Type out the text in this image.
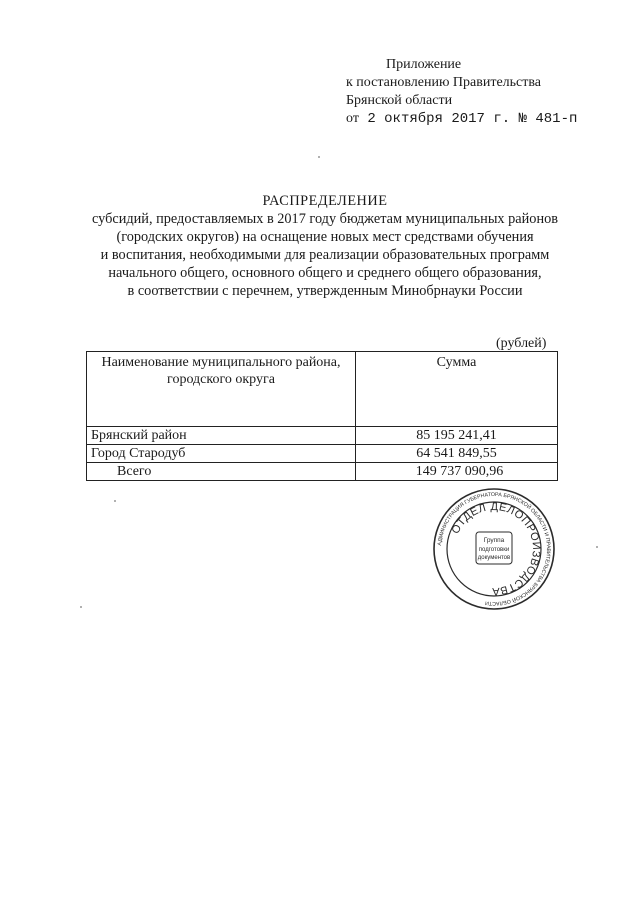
Приложение
к постановлению Правительства
Брянской области
от 2 октября 2017 г. № 481-п
РАСПРЕДЕЛЕНИЕ
субсидий, предоставляемых в 2017 году бюджетам муниципальных районов
(городских округов) на оснащение новых мест средствами обучения
и воспитания, необходимыми для реализации образовательных программ
начального общего, основного общего и среднего общего образования,
в соответствии с перечнем, утвержденным Минобрнауки России
(рублей)
Наименование муниципального района,
городского округа	Сумма
Брянский район	85 195 241,41
Город Стародуб	64 541 849,55
Всего	149 737 090,96
АДМИНИСТРАЦИЯ ГУБЕРНАТОРА БРЯНСКОЙ ОБЛАСТИ И ПРАВИТЕЛЬСТВА БРЯНСКОЙ ОБЛАСТИ
ОТДЕЛ ДЕЛОПРОИЗВОДСТВА
Группа
подготовки
документов
